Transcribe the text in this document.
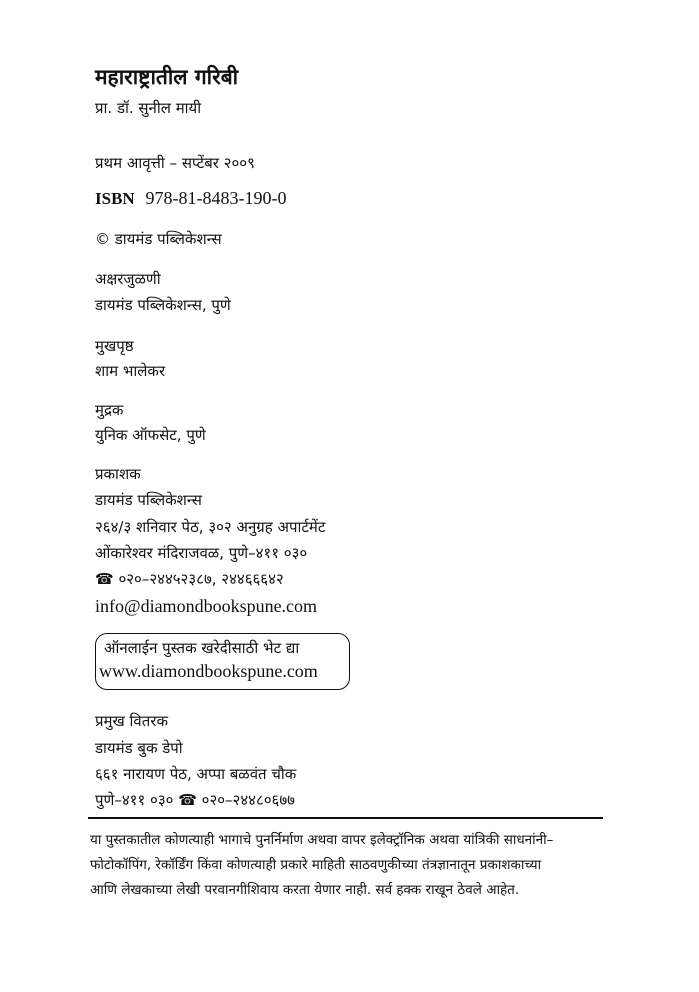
महाराष्ट्रातील गरिबी
प्रा. डॉ. सुनील मायी
प्रथम आवृत्ती – सप्टेंबर २००९
ISBN 978-81-8483-190-0
© डायमंड पब्लिकेशन्स
अक्षरजुळणी
डायमंड पब्लिकेशन्स, पुणे
मुखपृष्ठ
शाम भालेकर
मुद्रक
युनिक ऑफसेट, पुणे
प्रकाशक
डायमंड पब्लिकेशन्स
२६४/३ शनिवार पेठ, ३०२ अनुग्रह अपार्टमेंट
ओंकारेश्वर मंदिराजवळ, पुणे–४११ ०३०
☎ ०२०–२४४५२३८७, २४४६६६४२
info@diamondbookspune.com
ऑनलाईन पुस्तक खरेदीसाठी भेट द्या
www.diamondbookspune.com
प्रमुख वितरक
डायमंड बुक डेपो
६६१ नारायण पेठ, अप्पा बळवंत चौक
पुणे–४११ ०३० ☎ ०२०–२४४८०६७७
या पुस्तकातील कोणत्याही भागाचे पुनर्निर्माण अथवा वापर इलेक्ट्रॉनिक अथवा यांत्रिकी साधनांनी–
फोटोकॉपिंग, रेकॉर्डिंग किंवा कोणत्याही प्रकारे माहिती साठवणुकीच्या तंत्रज्ञानातून प्रकाशकाच्या
आणि लेखकाच्या लेखी परवानगीशिवाय करता येणार नाही. सर्व हक्क राखून ठेवले आहेत.
